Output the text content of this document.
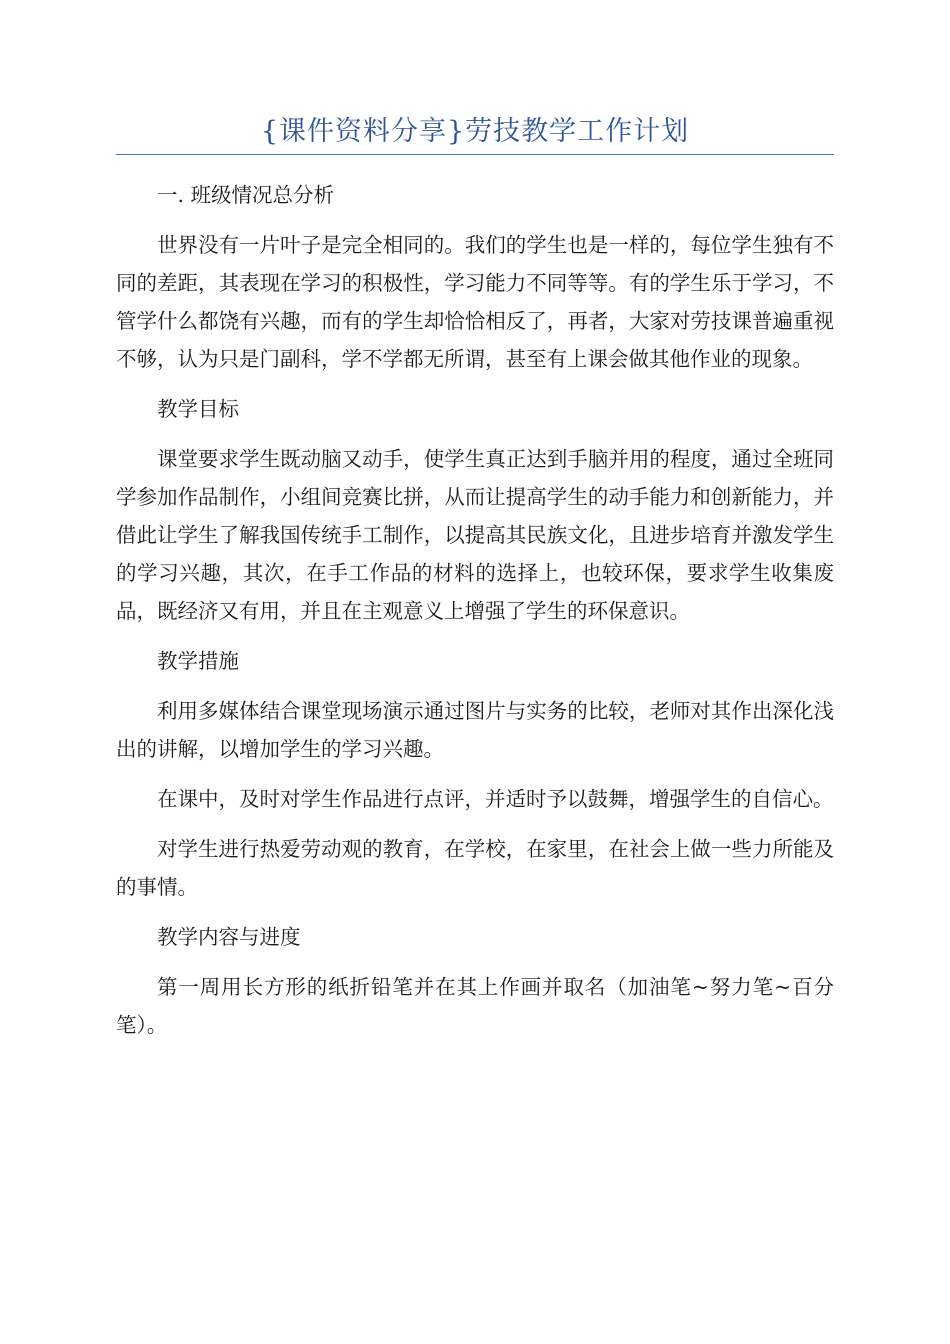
{课件资料分享}劳技教学工作计划

一. 班级情况总分析

世界没有一片叶子是完全相同的。我们的学生也是一样的，每位学生独有不同的差距，其表现在学习的积极性，学习能力不同等等。有的学生乐于学习，不管学什么都饶有兴趣，而有的学生却恰恰相反了，再者，大家对劳技课普遍重视不够，认为只是门副科，学不学都无所谓，甚至有上课会做其他作业的现象。

教学目标

课堂要求学生既动脑又动手，使学生真正达到手脑并用的程度，通过全班同学参加作品制作，小组间竞赛比拼，从而让提高学生的动手能力和创新能力，并借此让学生了解我国传统手工制作，以提高其民族文化，且进步培育并激发学生的学习兴趣，其次，在手工作品的材料的选择上，也较环保，要求学生收集废品，既经济又有用，并且在主观意义上增强了学生的环保意识。

教学措施

利用多媒体结合课堂现场演示通过图片与实务的比较，老师对其作出深化浅出的讲解，以增加学生的学习兴趣。

在课中，及时对学生作品进行点评，并适时予以鼓舞，增强学生的自信心。

对学生进行热爱劳动观的教育，在学校，在家里，在社会上做一些力所能及的事情。

教学内容与进度

第一周用长方形的纸折铅笔并在其上作画并取名（加油笔~努力笔~百分笔）。
